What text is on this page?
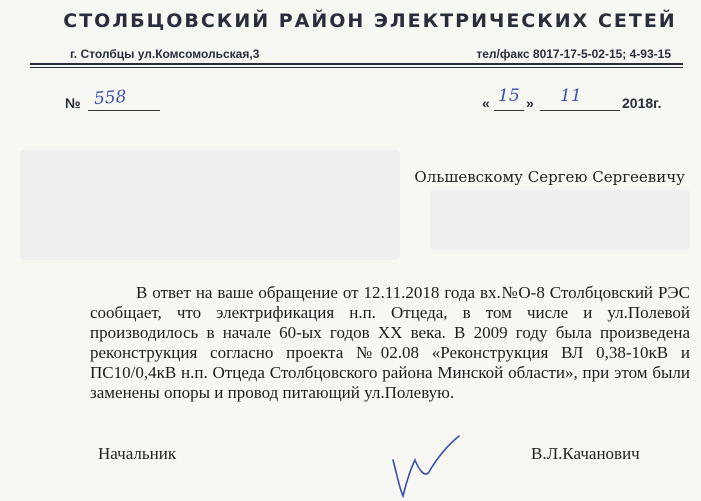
СТОЛБЦОВСКИЙ РАЙОН ЭЛЕКТРИЧЕСКИХ СЕТЕЙ
г. Столбцы ул.Комсомольская,3	тел/факс 8017-17-5-02-15; 4-93-15
№ 558	« 15 » 11	2018г.
Ольшевскому Сергею Сергеевичу

В ответ на ваше обращение от 12.11.2018 года вх.№О-8 Столбцовский РЭС сообщает, что электрификация н.п. Отцеда, в том числе и ул.Полевой производилось в начале 60-ых годов XX века. В 2009 году была произведена реконструкция согласно проекта №02.08 «Реконструкция ВЛ 0,38-10кВ и ПС10/0,4кВ н.п. Отцеда Столбцовского района Минской области», при этом были заменены опоры и провод питающий ул.Полевую.

Начальник	В.Л.Качанович
